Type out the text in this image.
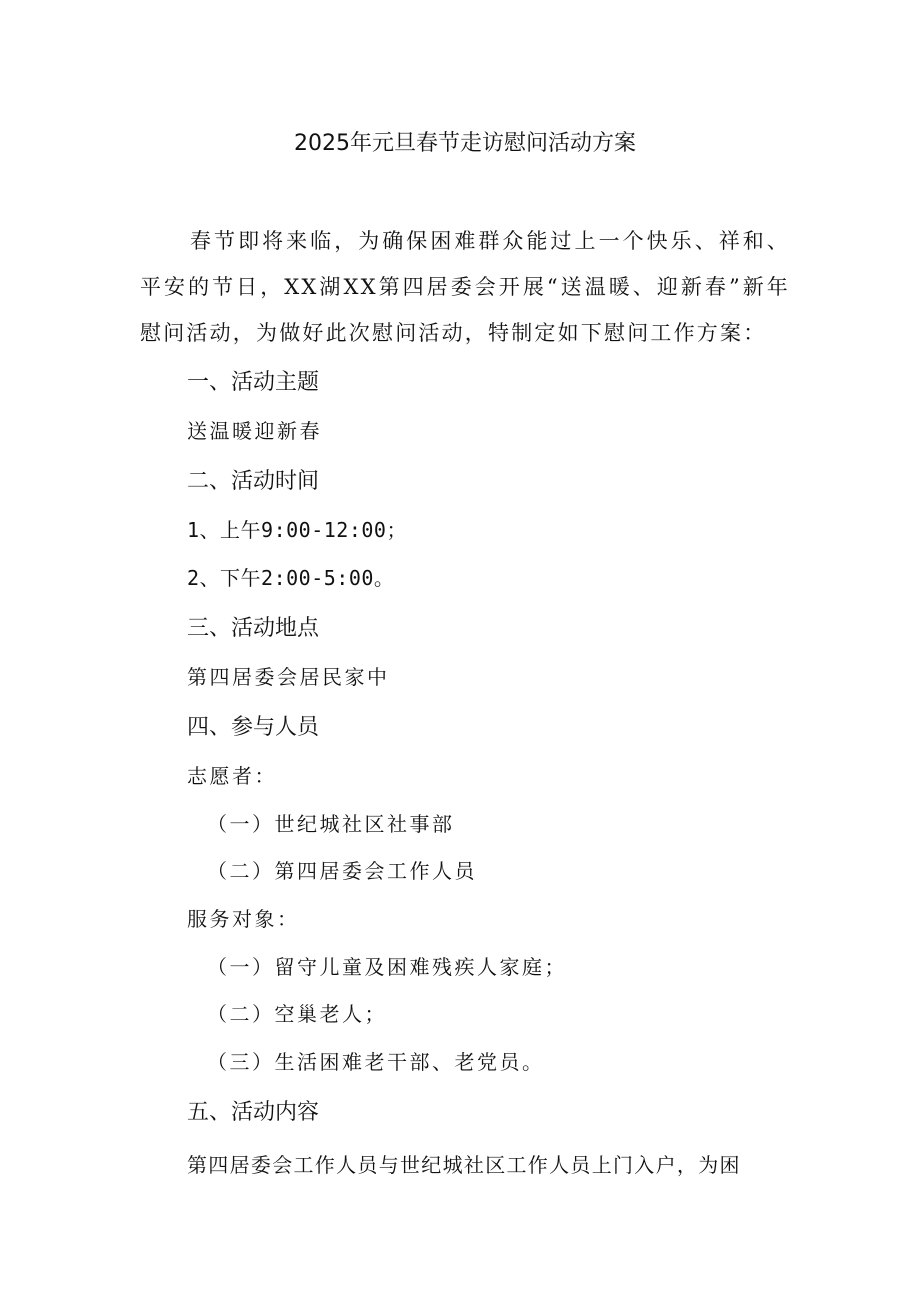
2025年元旦春节走访慰问活动方案

春节即将来临，为确保困难群众能过上一个快乐、祥和、平安的节日，XX湖XX第四居委会开展“送温暖、迎新春”新年慰问活动，为做好此次慰问活动，特制定如下慰问工作方案：

一、活动主题

送温暖迎新春

二、活动时间

1、上午9:00-12:00；

2、下午2:00-5:00。

三、活动地点

第四居委会居民家中

四、参与人员

志愿者：

（一）世纪城社区社事部

（二）第四居委会工作人员

服务对象：

（一）留守儿童及困难残疾人家庭；

（二）空巢老人；

（三）生活困难老干部、老党员。

五、活动内容

第四居委会工作人员与世纪城社区工作人员上门入户，为困
